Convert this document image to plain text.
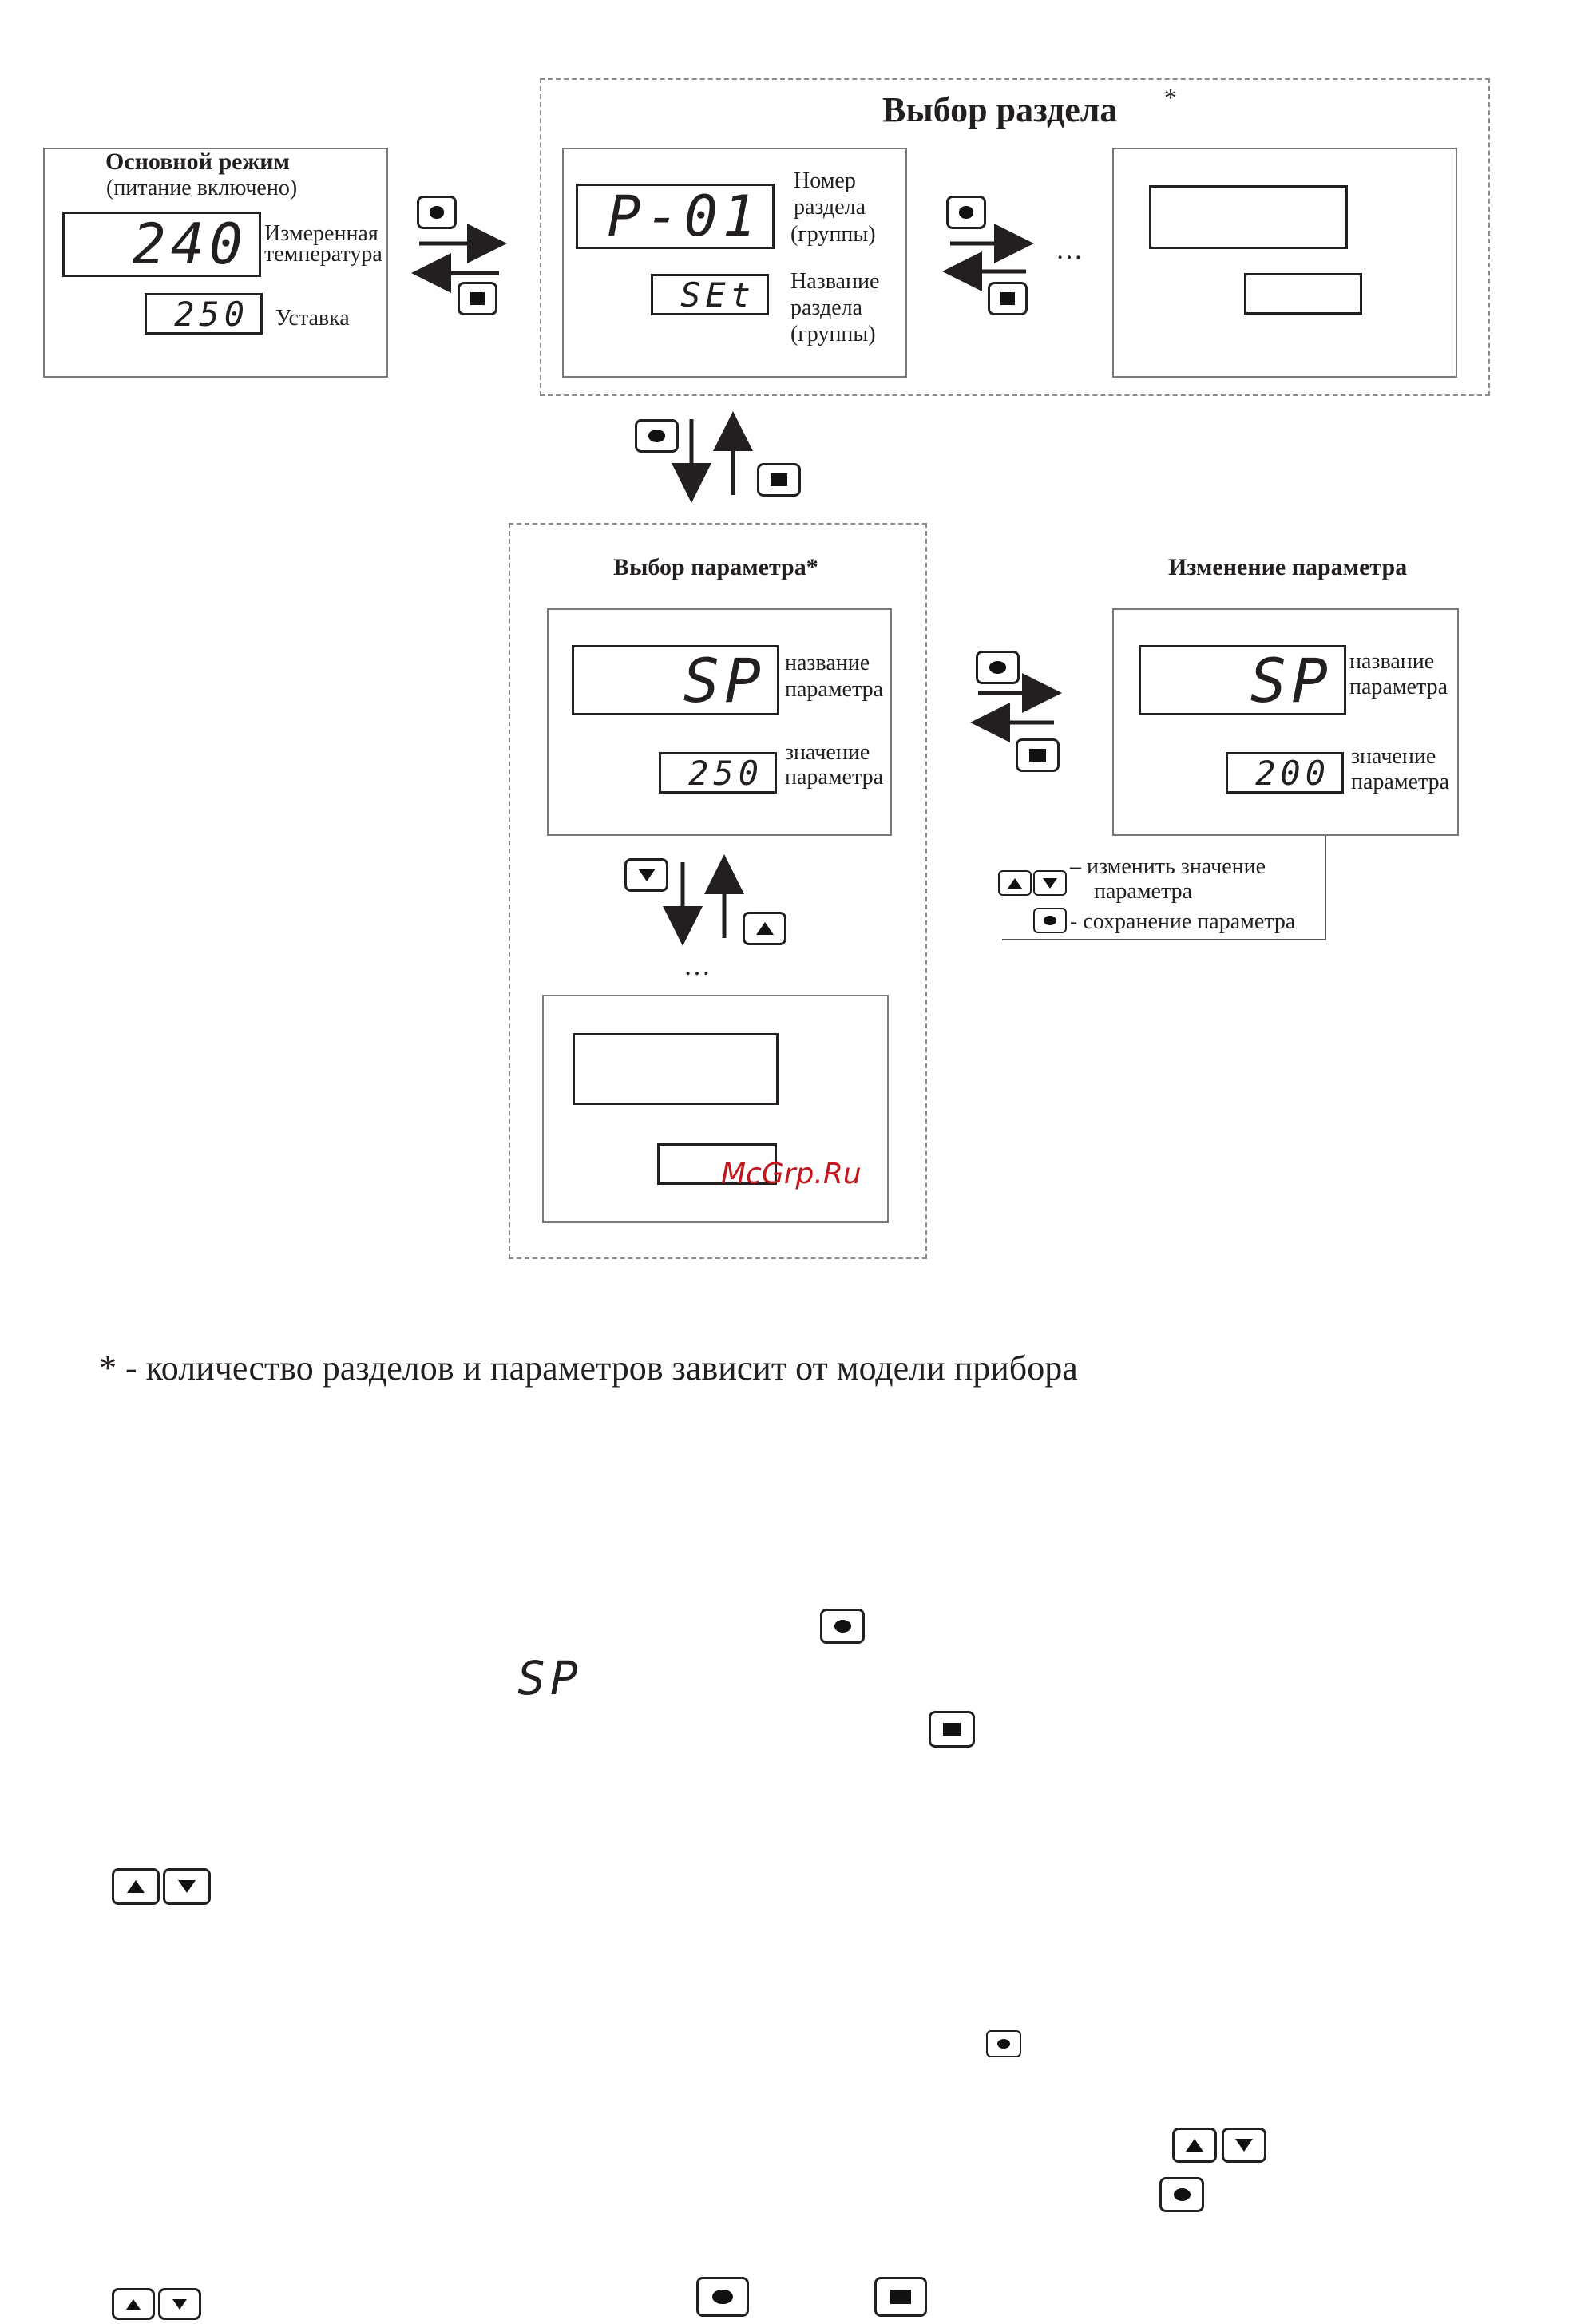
Основной режим
(питание включено)
240 Измеренная
температура
250	Уставка
Выбор раздела *
P-01
Номер
раздела
(группы)
SEt	Название
раздела
(группы)
…
Выбор параметра*
SP название
параметра
250
значение
параметра
…
McGrp.Ru
Изменение параметра
SP название
параметра
200 значение
параметра
– изменить значение
параметра
- сохранение параметра
* - количество разделов и параметров зависит от модели прибора
SP
